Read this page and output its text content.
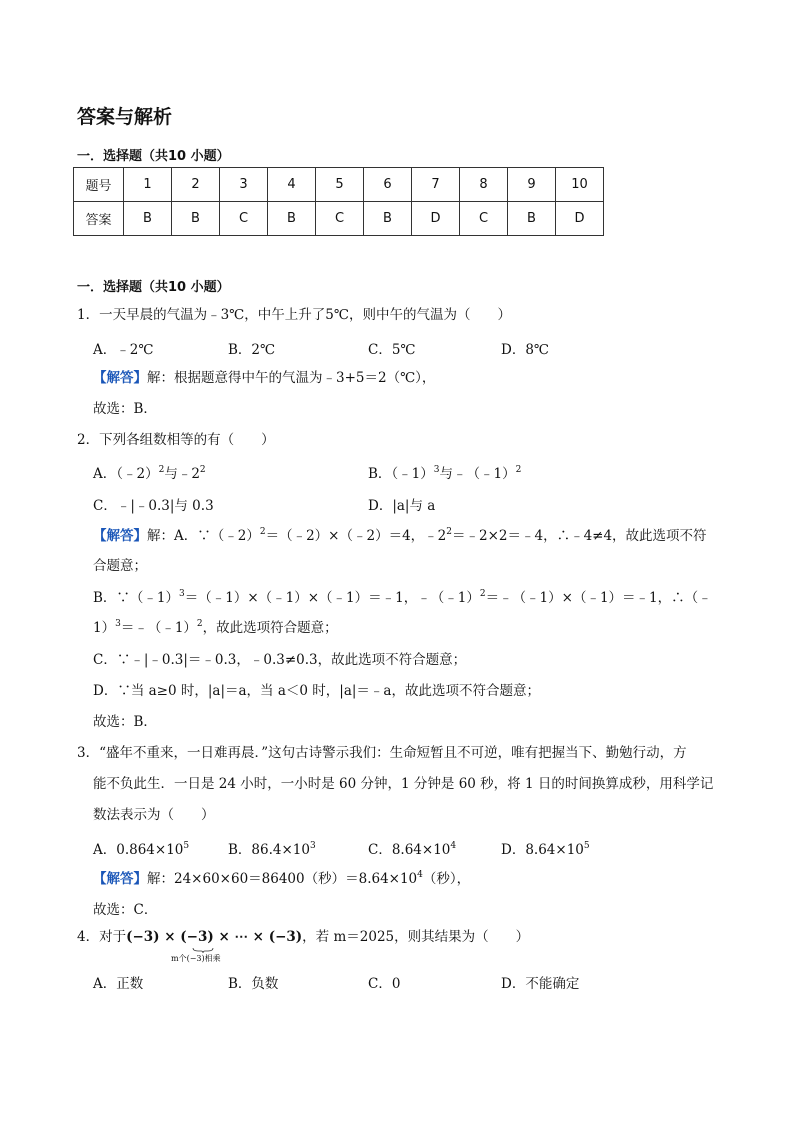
答案与解析
一．选择题（共10 小题）
题号	1	2	3	4	5	6	7	8	9	10
答案	B	B	C	B	C	B	D	C	B	D
一．选择题（共10 小题）
1．一天早晨的气温为﹣3℃，中午上升了5℃，则中午的气温为（　　）
A．﹣2℃	B．2℃	C．5℃	D．8℃
【解答】解：根据题意得中午的气温为﹣3+5＝2（℃），
故选：B．
2．下列各组数相等的有（　　）
A．（﹣2）$^2$与$﹣2^2$	B．（﹣1）$^3$与﹣（﹣1）$^2$
C．﹣|﹣0.3|与 0.3	D．|a|与 a
【解答】解：A．∵（﹣2）$^2$＝（﹣2）×（﹣2）＝4，$﹣2^2=﹣2\times 2=﹣4$，∴﹣4≠4，故此选项不符
合题意；
B．∵（﹣1）$^3$＝（﹣1）×（﹣1）×（﹣1）＝﹣1，﹣（﹣1）$^2$＝﹣（﹣1）×（﹣1）＝﹣1，∴（﹣
1）$^3$＝﹣（﹣1）$^2$，故此选项符合题意；
C．∵﹣|﹣0.3|＝﹣0.3，﹣0.3≠0.3，故此选项不符合题意；
D．∵当 a≥0 时，|a|＝a，当 a＜0 时，|a|＝﹣a，故此选项不符合题意；
故选：B．
3．“盛年不重来，一日难再晨．”这句古诗警示我们：生命短暂且不可逆，唯有把握当下、勤勉行动，方
能不负此生．一日是 24 小时，一小时是 60 分钟，1 分钟是 60 秒，将 1 日的时间换算成秒，用科学记
数法表示为（　　）
A．$0.864\times 10^5$	B．$86.4\times 10^3$	C．$8.64\times 10^4$	D．$8.64\times 10^5$
【解答】解：24×60×60＝86400（秒）$=8.64\times 10^4$（秒），
故选：C．
4．对于(−3) × (−3) × ⋯ × (−3)，若 m＝2025，则其结果为（　　）
m个(−3)相乘
A．正数	B．负数	C．0	D．不能确定
